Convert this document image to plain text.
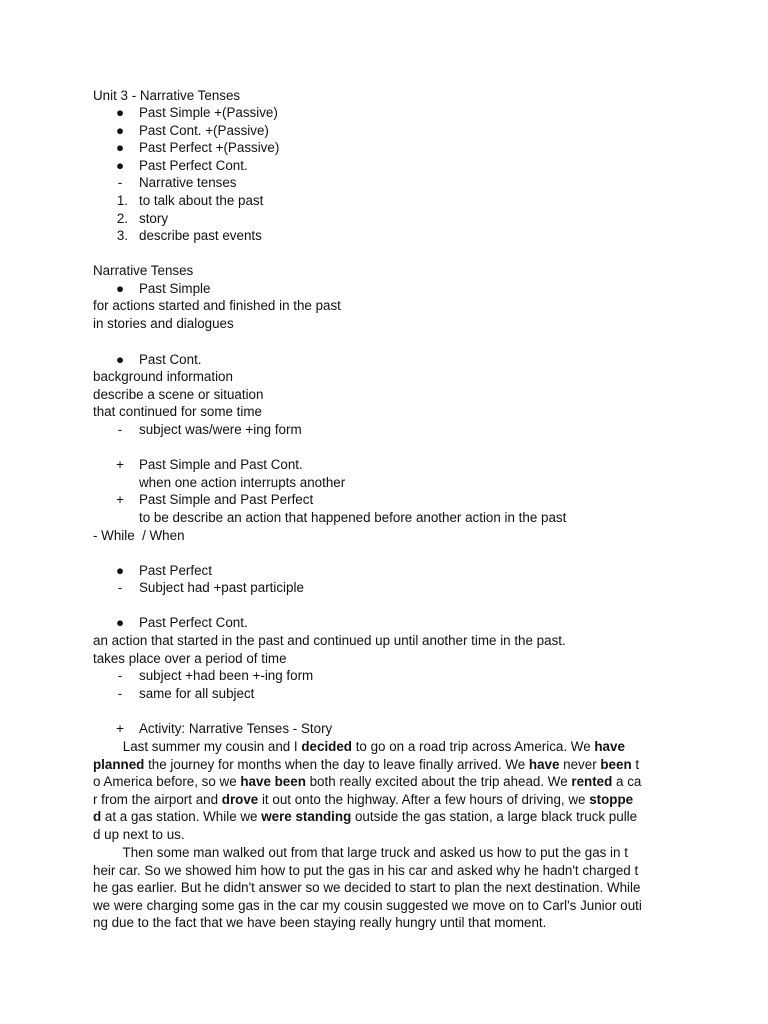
Unit 3 - Narrative Tenses
●	Past Simple +(Passive)
●	Past Cont. +(Passive)
●	Past Perfect +(Passive)
●	Past Perfect Cont.
-	Narrative tenses
1. to talk about the past
2. story
3. describe past events
Narrative Tenses
●	Past Simple
for actions started and finished in the past
in stories and dialogues
●	Past Cont.
background information
describe a scene or situation
that continued for some time
-	subject was/were +ing form
+	Past Simple and Past Cont.
when one action interrupts another
+	Past Simple and Past Perfect
to be describe an action that happened before another action in the past
- While  / When
●	Past Perfect
-	Subject had +past participle
●	Past Perfect Cont.
an action that started in the past and continued up until another time in the past.
takes place over a period of time
-	subject +had been +-ing form
-	same for all subject
+	Activity: Narrative Tenses - Story
Last summer my cousin and I decided to go on a road trip across America. We have
planned the journey for months when the day to leave finally arrived. We have never been t
o America before, so we have been both really excited about the trip ahead. We rented a ca
r from the airport and drove it out onto the highway. After a few hours of driving, we stoppe
d at a gas station. While we were standing outside the gas station, a large black truck pulle
d up next to us.
Then some man walked out from that large truck and asked us how to put the gas in t
heir car. So we showed him how to put the gas in his car and asked why he hadn't charged t
he gas earlier. But he didn't answer so we decided to start to plan the next destination. While
we were charging some gas in the car my cousin suggested we move on to Carl's Junior outi
ng due to the fact that we have been staying really hungry until that moment.
